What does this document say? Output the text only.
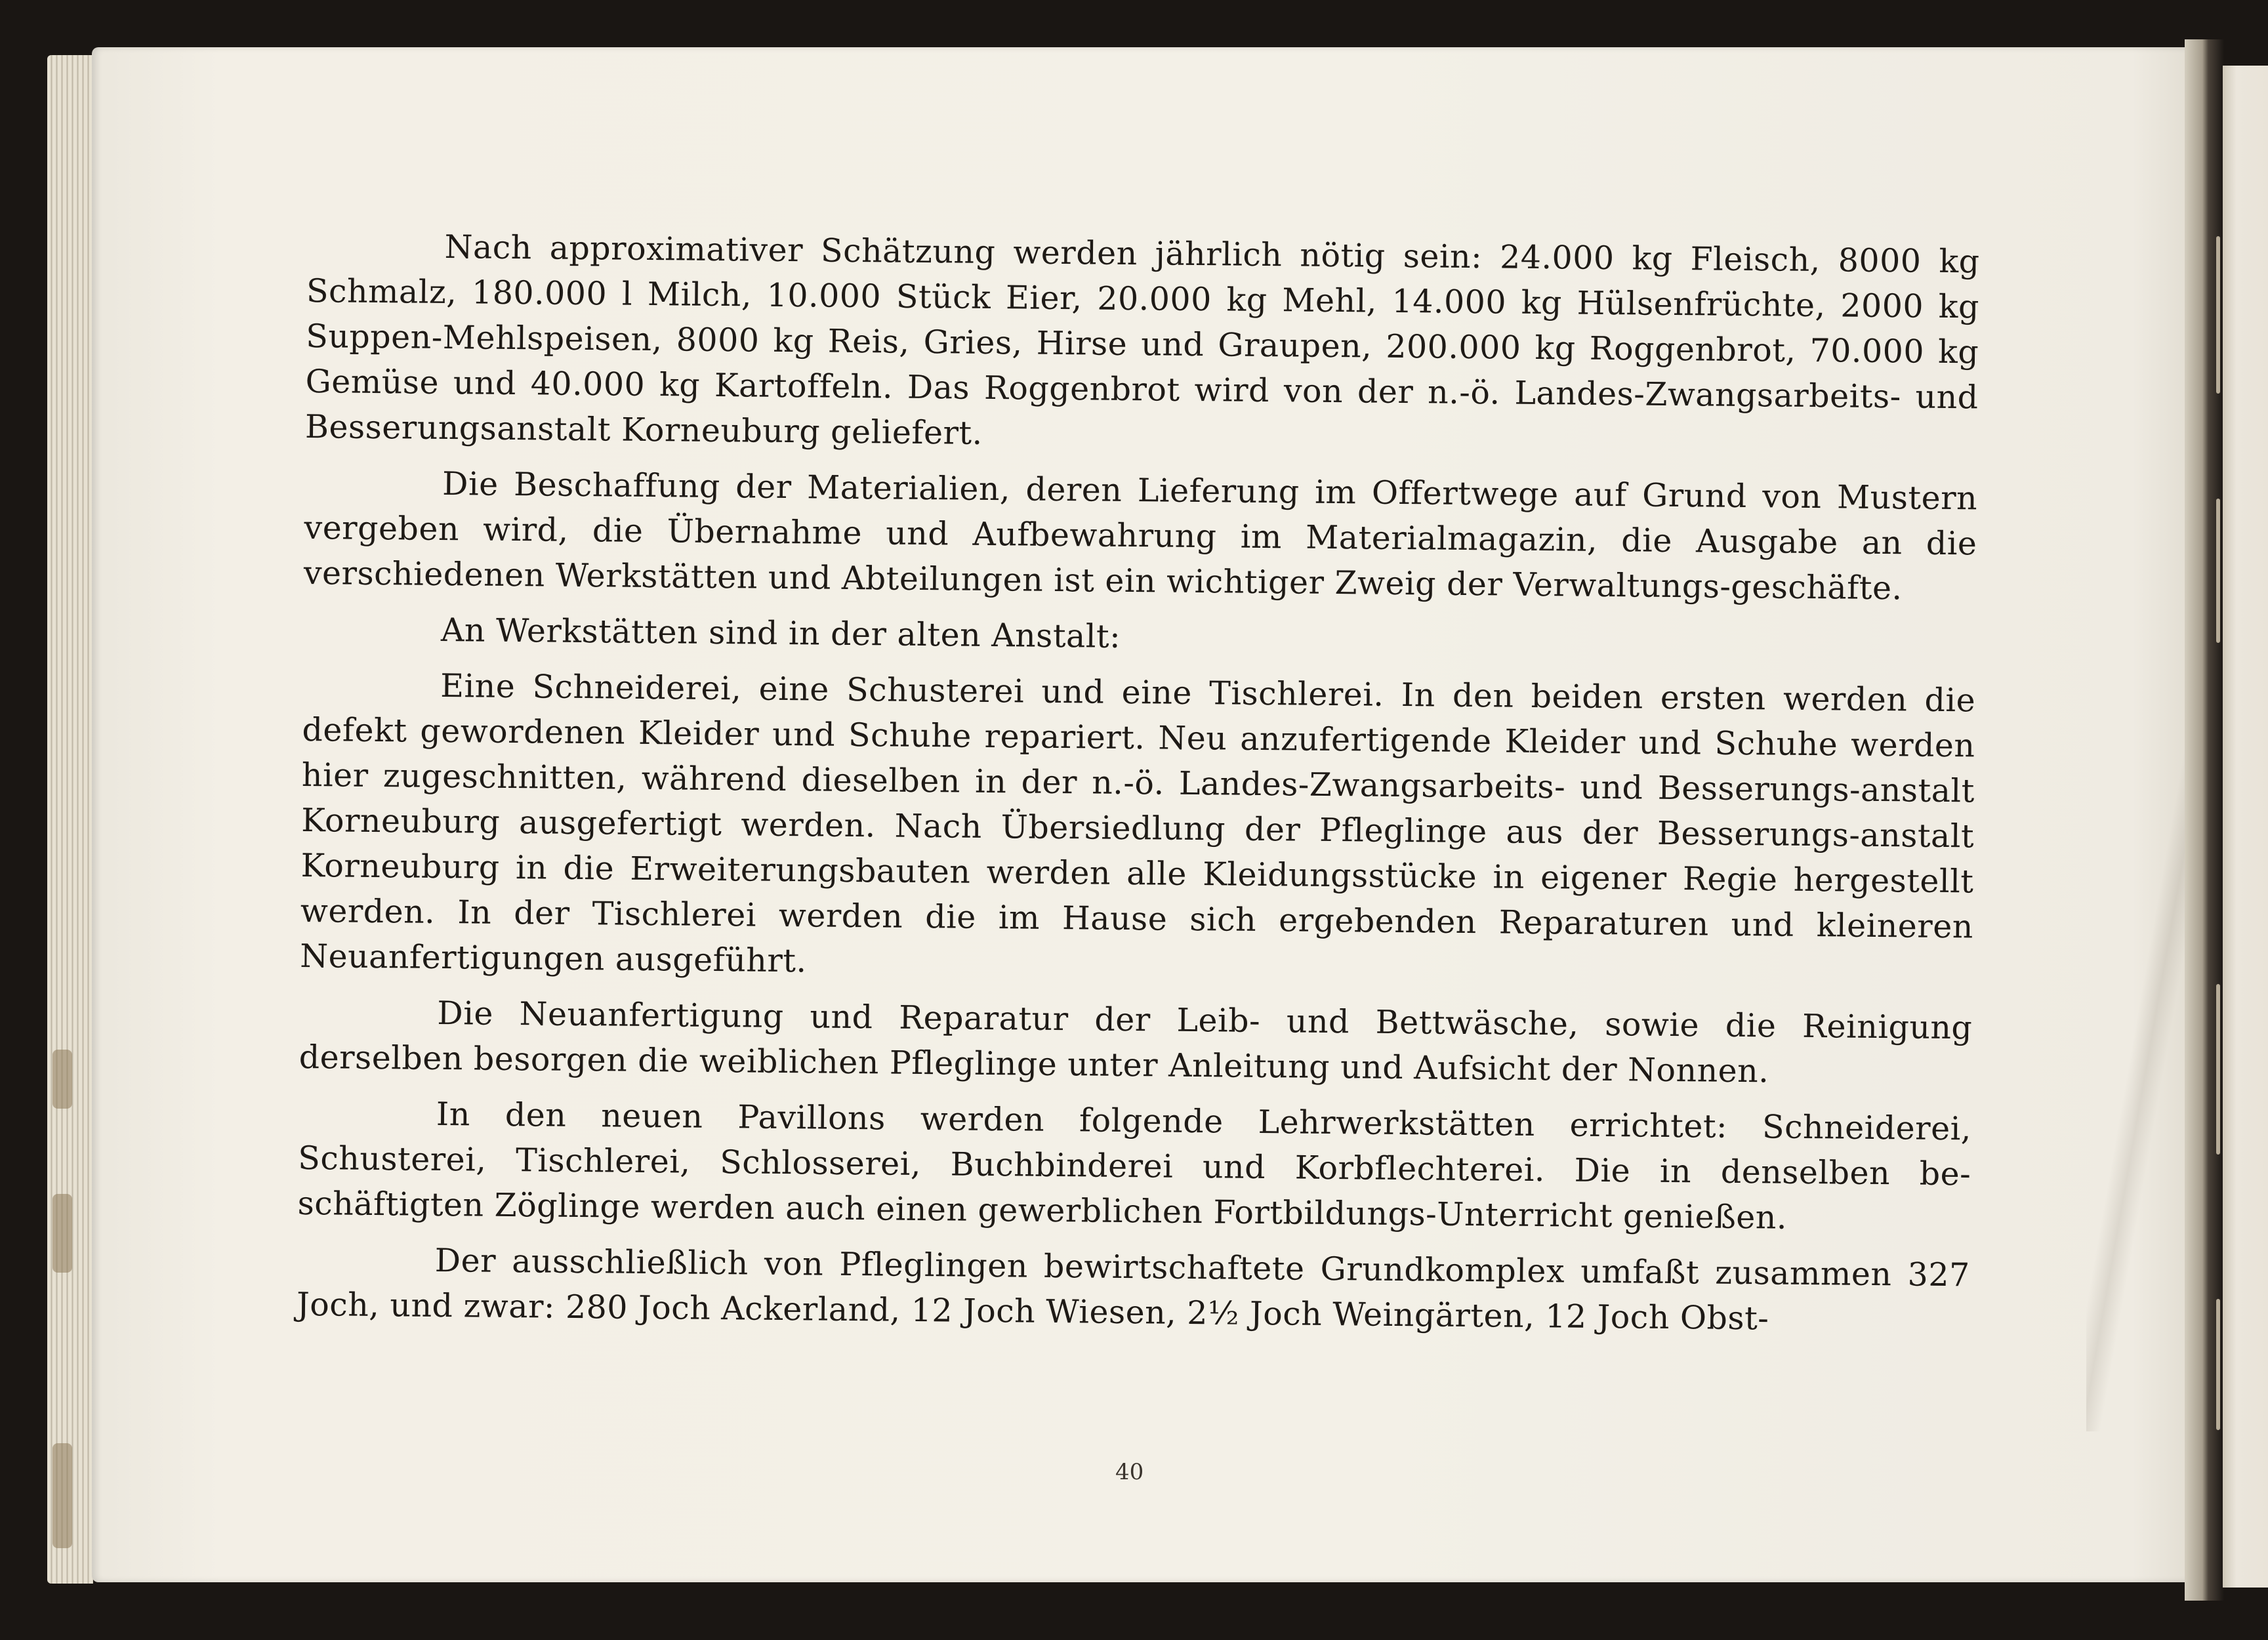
Nach approximativer Schätzung werden jährlich nötig sein: 24.000 kg Fleisch, 8000 kg Schmalz, 180.000 l Milch, 10.000 Stück Eier, 20.000 kg Mehl, 14.000 kg Hülsenfrüchte, 2000 kg Suppen-Mehlspeisen, 8000 kg Reis, Gries, Hirse und Graupen, 200.000 kg Roggenbrot, 70.000 kg Gemüse und 40.000 kg Kartoffeln. Das Roggenbrot wird von der n.-ö. Landes-Zwangsarbeits- und Besserungsanstalt Korneuburg geliefert.

Die Beschaffung der Materialien, deren Lieferung im Offertwege auf Grund von Mustern vergeben wird, die Übernahme und Aufbewahrung im Materialmagazin, die Ausgabe an die verschiedenen Werkstätten und Abteilungen ist ein wichtiger Zweig der Verwaltungs-geschäfte.

An Werkstätten sind in der alten Anstalt:

Eine Schneiderei, eine Schusterei und eine Tischlerei. In den beiden ersten werden die defekt gewordenen Kleider und Schuhe repariert. Neu anzufertigende Kleider und Schuhe werden hier zugeschnitten, während dieselben in der n.-ö. Landes-Zwangsarbeits- und Besserungs-anstalt Korneuburg ausgefertigt werden. Nach Übersiedlung der Pfleglinge aus der Besserungs-anstalt Korneuburg in die Erweiterungsbauten werden alle Kleidungsstücke in eigener Regie hergestellt werden. In der Tischlerei werden die im Hause sich ergebenden Reparaturen und kleineren Neuanfertigungen ausgeführt.

Die Neuanfertigung und Reparatur der Leib- und Bettwäsche, sowie die Reinigung derselben besorgen die weiblichen Pfleglinge unter Anleitung und Aufsicht der Nonnen.

In den neuen Pavillons werden folgende Lehrwerkstätten errichtet: Schneiderei, Schusterei, Tischlerei, Schlosserei, Buchbinderei und Korbflechterei. Die in denselben be-schäftigten Zöglinge werden auch einen gewerblichen Fortbildungs-Unterricht genießen.

Der ausschließlich von Pfleglingen bewirtschaftete Grundkomplex umfaßt zusammen 327 Joch, und zwar: 280 Joch Ackerland, 12 Joch Wiesen, 2½ Joch Weingärten, 12 Joch Obst-

40
